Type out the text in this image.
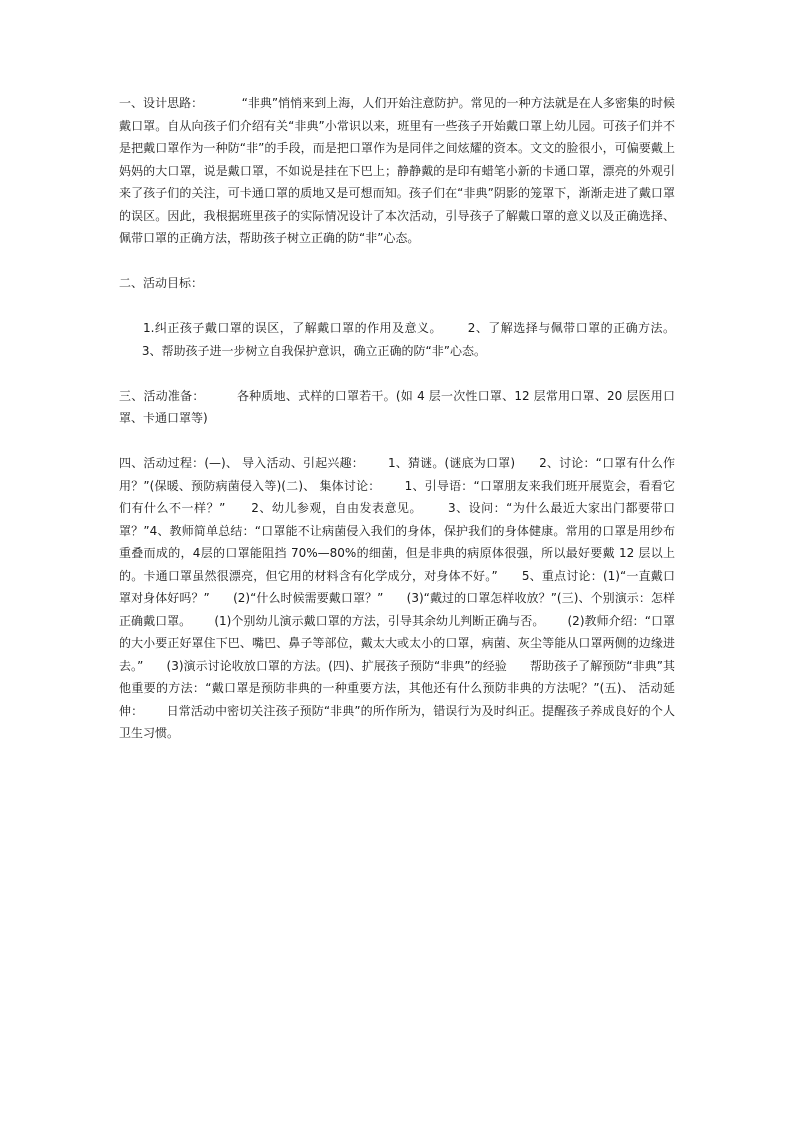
一、设计思路：	“非典”悄悄来到上海，人们开始注意防护。常见的一种方法就是在人多密集的时候戴口罩。自从向孩子们介绍有关“非典”小常识以来，班里有一些孩子开始戴口罩上幼儿园。可孩子们并不是把戴口罩作为一种防“非”的手段，而是把口罩作为是同伴之间炫耀的资本。文文的脸很小，可偏要戴上妈妈的大口罩，说是戴口罩，不如说是挂在下巴上；静静戴的是印有蜡笔小新的卡通口罩，漂亮的外观引来了孩子们的关注，可卡通口罩的质地又是可想而知。孩子们在“非典”阴影的笼罩下，渐渐走进了戴口罩的误区。因此，我根据班里孩子的实际情况设计了本次活动，引导孩子了解戴口罩的意义以及正确选择、佩带口罩的正确方法，帮助孩子树立正确的防“非”心态。

二、活动目标：

1.纠正孩子戴口罩的误区，了解戴口罩的作用及意义。 2、了解选择与佩带口罩的正确方法。      3、帮助孩子进一步树立自我保护意识，确立正确的防“非”心态。

三、活动准备：	各种质地、式样的口罩若干。(如 4 层一次性口罩、12 层常用口罩、20 层医用口罩、卡通口罩等)

四、活动过程：(—)、 导入活动、引起兴趣： 1、猜谜。(谜底为口罩) 2、讨论：“口罩有什么作用？”(保暖、预防病菌侵入等)(二)、 集体讨论： 1、引导语：“口罩朋友来我们班开展览会，看看它们有什么不一样？” 2、幼儿参观，自由发表意见。 3、设问：“为什么最近大家出门都要带口罩？”4、教师简单总结：“口罩能不让病菌侵入我们的身体，保护我们的身体健康。常用的口罩是用纱布重叠而成的，4层的口罩能阻挡 70%—80%的细菌，但是非典的病原体很强，所以最好要戴 12 层以上的。卡通口罩虽然很漂亮，但它用的材料含有化学成分，对身体不好。” 5、重点讨论：(1)“一直戴口罩对身体好吗？” (2)“什么时候需要戴口罩？” (3)“戴过的口罩怎样收放？”(三)、个别演示：怎样正确戴口罩。 (1)个别幼儿演示戴口罩的方法，引导其余幼儿判断正确与否。 (2)教师介绍：“口罩的大小要正好罩住下巴、嘴巴、鼻子等部位，戴太大或太小的口罩，病菌、灰尘等能从口罩两侧的边缘进去。” (3)演示讨论收放口罩的方法。(四)、扩展孩子预防“非典”的经验 帮助孩子了解预防“非典”其他重要的方法：“戴口罩是预防非典的一种重要方法，其他还有什么预防非典的方法呢？”(五)、 活动延伸： 日常活动中密切关注孩子预防“非典”的所作所为，错误行为及时纠正。提醒孩子养成良好的个人卫生习惯。
